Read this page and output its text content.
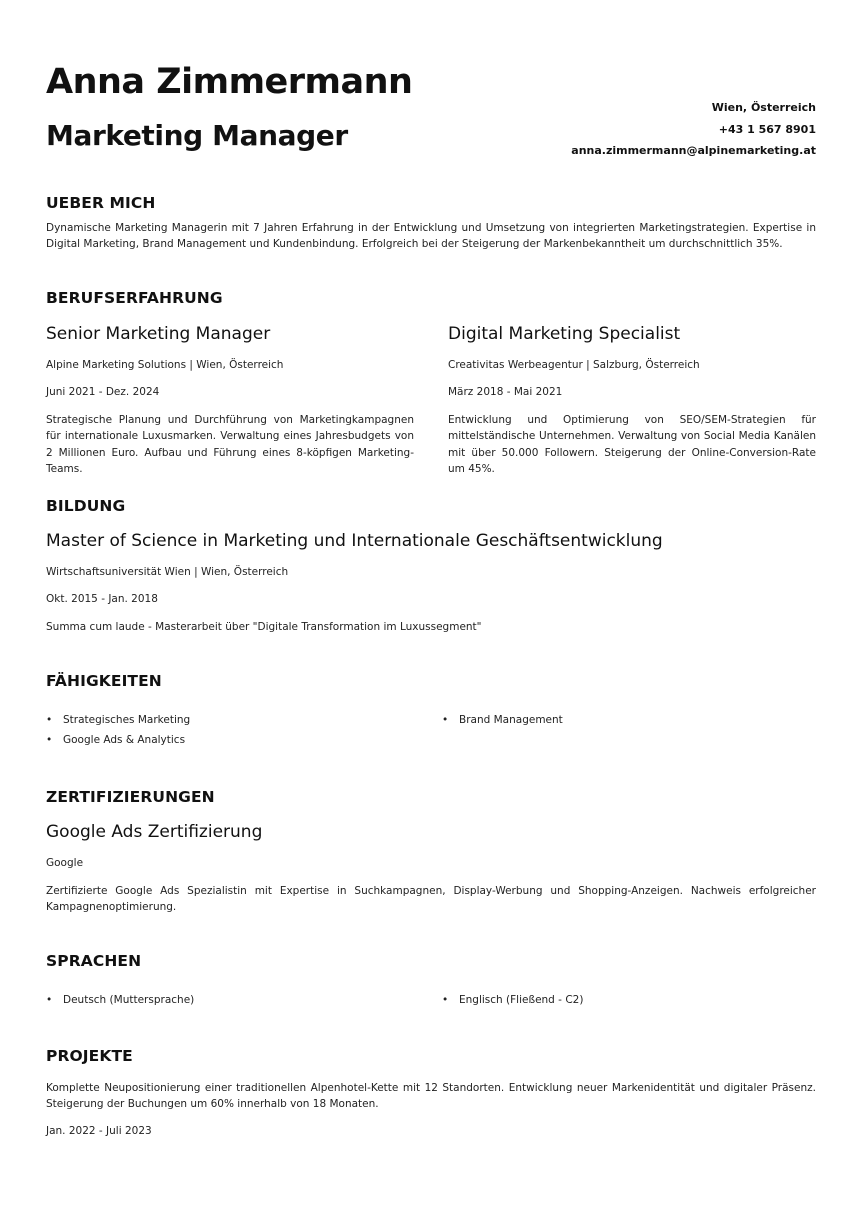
Anna Zimmermann
Marketing Manager
Wien, Österreich
+43 1 567 8901
anna.zimmermann@alpinemarketing.at
UEBER MICH
Dynamische Marketing Managerin mit 7 Jahren Erfahrung in der Entwicklung und Umsetzung von integrierten Marketingstrategien. Expertise in Digital Marketing, Brand Management und Kundenbindung. Erfolgreich bei der Steigerung der Markenbekanntheit um durchschnittlich 35%.
BERUFSERFAHRUNG
Senior Marketing Manager
Alpine Marketing Solutions | Wien, Österreich
Juni 2021 - Dez. 2024
Strategische Planung und Durchführung von Marketingkampagnen für internationale Luxusmarken. Verwaltung eines Jahresbudgets von 2 Millionen Euro. Aufbau und Führung eines 8-köpfigen Marketing-Teams.
Digital Marketing Specialist
Creativitas Werbeagentur | Salzburg, Österreich
März 2018 - Mai 2021
Entwicklung und Optimierung von SEO/SEM-Strategien für mittelständische Unternehmen. Verwaltung von Social Media Kanälen mit über 50.000 Followern. Steigerung der Online-Conversion-Rate um 45%.
BILDUNG
Master of Science in Marketing und Internationale Geschäftsentwicklung
Wirtschaftsuniversität Wien | Wien, Österreich
Okt. 2015 - Jan. 2018
Summa cum laude - Masterarbeit über "Digitale Transformation im Luxussegment"
FÄHIGKEITEN
• Strategisches Marketing	• Brand Management
• Google Ads & Analytics
ZERTIFIZIERUNGEN
Google Ads Zertifizierung
Google
Zertifizierte Google Ads Spezialistin mit Expertise in Suchkampagnen, Display-Werbung und Shopping-Anzeigen. Nachweis erfolgreicher Kampagnenoptimierung.
SPRACHEN
• Deutsch (Muttersprache)	• Englisch (Fließend - C2)
PROJEKTE
Komplette Neupositionierung einer traditionellen Alpenhotel-Kette mit 12 Standorten. Entwicklung neuer Markenidentität und digitaler Präsenz. Steigerung der Buchungen um 60% innerhalb von 18 Monaten.
Jan. 2022 - Juli 2023
